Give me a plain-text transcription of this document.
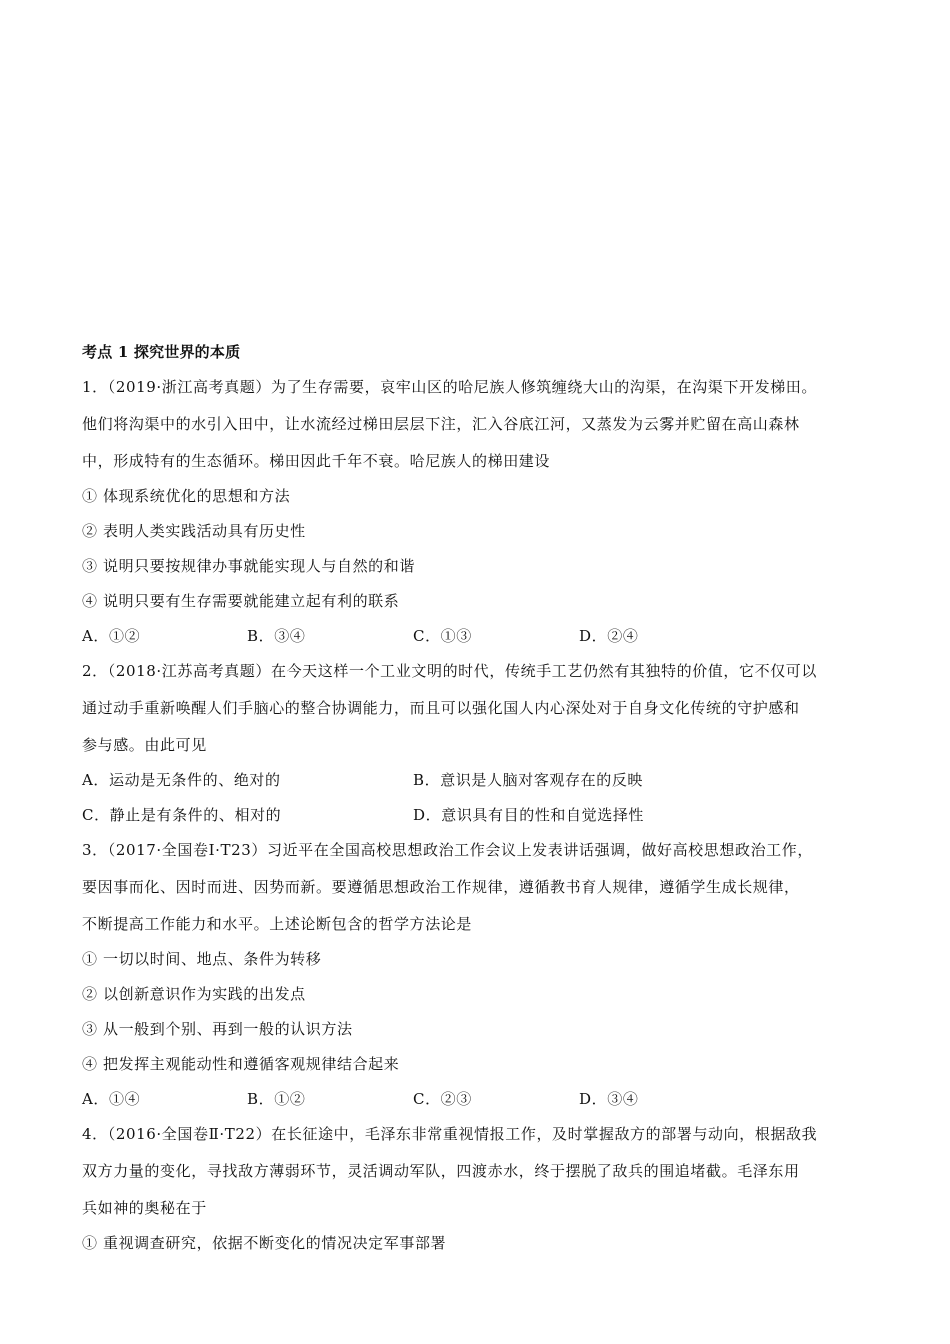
考点 1 探究世界的本质
1．（2019·浙江高考真题）为了生存需要，哀牢山区的哈尼族人修筑缠绕大山的沟渠，在沟渠下开发梯田。
他们将沟渠中的水引入田中，让水流经过梯田层层下注，汇入谷底江河，又蒸发为云雾并贮留在高山森林
中，形成特有的生态循环。梯田因此千年不衰。哈尼族人的梯田建设
① 体现系统优化的思想和方法
② 表明人类实践活动具有历史性
③ 说明只要按规律办事就能实现人与自然的和谐
④ 说明只要有生存需要就能建立起有利的联系
A．①②	B．③④	C．①③	D．②④
2．（2018·江苏高考真题）在今天这样一个工业文明的时代，传统手工艺仍然有其独特的价值，它不仅可以
通过动手重新唤醒人们手脑心的整合协调能力，而且可以强化国人内心深处对于自身文化传统的守护感和
参与感。由此可见
A．运动是无条件的、绝对的	B．意识是人脑对客观存在的反映
C．静止是有条件的、相对的	D．意识具有目的性和自觉选择性
3．（2017·全国卷Ⅰ·T23）习近平在全国高校思想政治工作会议上发表讲话强调，做好高校思想政治工作，
要因事而化、因时而进、因势而新。要遵循思想政治工作规律，遵循教书育人规律，遵循学生成长规律，
不断提高工作能力和水平。上述论断包含的哲学方法论是
① 一切以时间、地点、条件为转移
② 以创新意识作为实践的出发点
③ 从一般到个别、再到一般的认识方法
④ 把发挥主观能动性和遵循客观规律结合起来
A．①④	B．①②	C．②③	D．③④
4．（2016·全国卷Ⅱ·T22）在长征途中，毛泽东非常重视情报工作，及时掌握敌方的部署与动向，根据敌我
双方力量的变化，寻找敌方薄弱环节，灵活调动军队，四渡赤水，终于摆脱了敌兵的围追堵截。毛泽东用
兵如神的奥秘在于
① 重视调查研究，依据不断变化的情况决定军事部署
